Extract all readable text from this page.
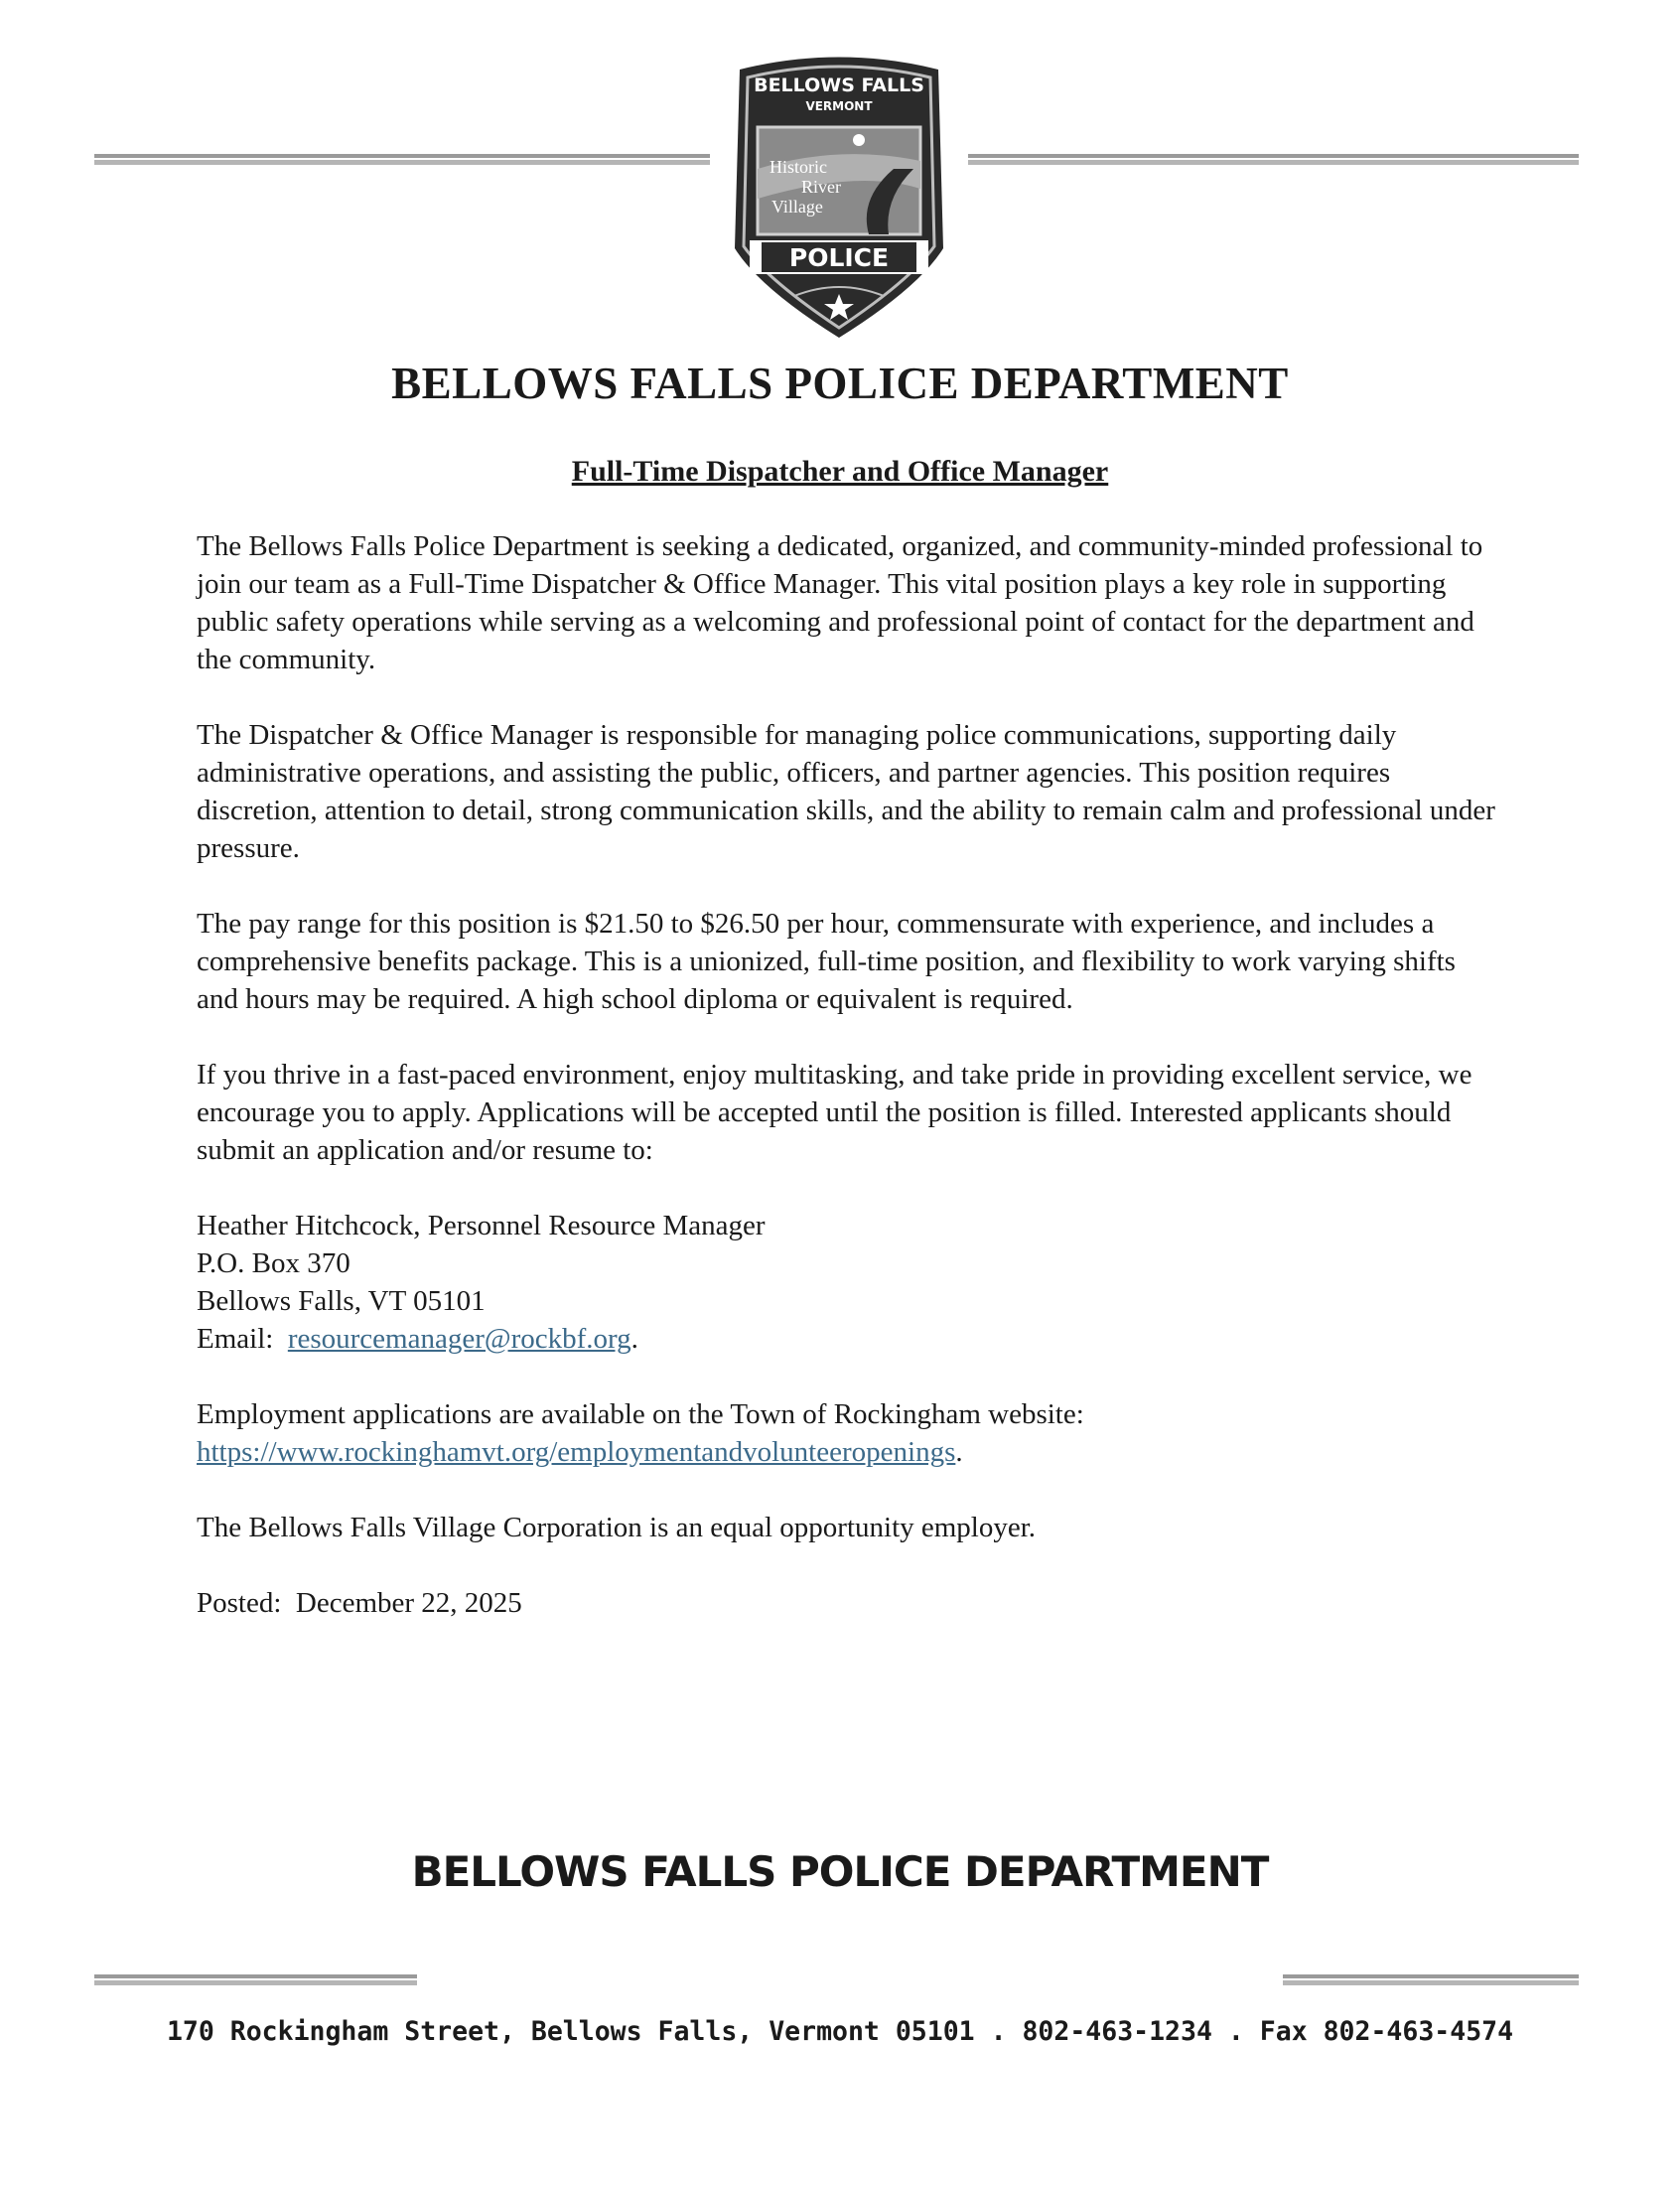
BELLOWS FALLS
VERMONT
Historic
River
Village
POLICE
BELLOWS FALLS POLICE DEPARTMENT
Full-Time Dispatcher and Office Manager

The Bellows Falls Police Department is seeking a dedicated, organized, and community-minded professional to join our team as a Full-Time Dispatcher & Office Manager. This vital position plays a key role in supporting public safety operations while serving as a welcoming and professional point of contact for the department and the community.

The Dispatcher & Office Manager is responsible for managing police communications, supporting daily administrative operations, and assisting the public, officers, and partner agencies. This position requires discretion, attention to detail, strong communication skills, and the ability to remain calm and professional under pressure.

The pay range for this position is $21.50 to $26.50 per hour, commensurate with experience, and includes a comprehensive benefits package. This is a unionized, full-time position, and flexibility to work varying shifts and hours may be required. A high school diploma or equivalent is required.

If you thrive in a fast-paced environment, enjoy multitasking, and take pride in providing excellent service, we encourage you to apply. Applications will be accepted until the position is filled. Interested applicants should submit an application and/or resume to:

Heather Hitchcock, Personnel Resource Manager
P.O. Box 370
Bellows Falls, VT 05101
Email:  resourcemanager@rockbf.org.

Employment applications are available on the Town of Rockingham website:
https://www.rockinghamvt.org/employmentandvolunteeropenings.

The Bellows Falls Village Corporation is an equal opportunity employer.

Posted:  December 22, 2025

BELLOWS FALLS POLICE DEPARTMENT

170 Rockingham Street, Bellows Falls, Vermont 05101 . 802-463-1234 . Fax 802-463-4574
